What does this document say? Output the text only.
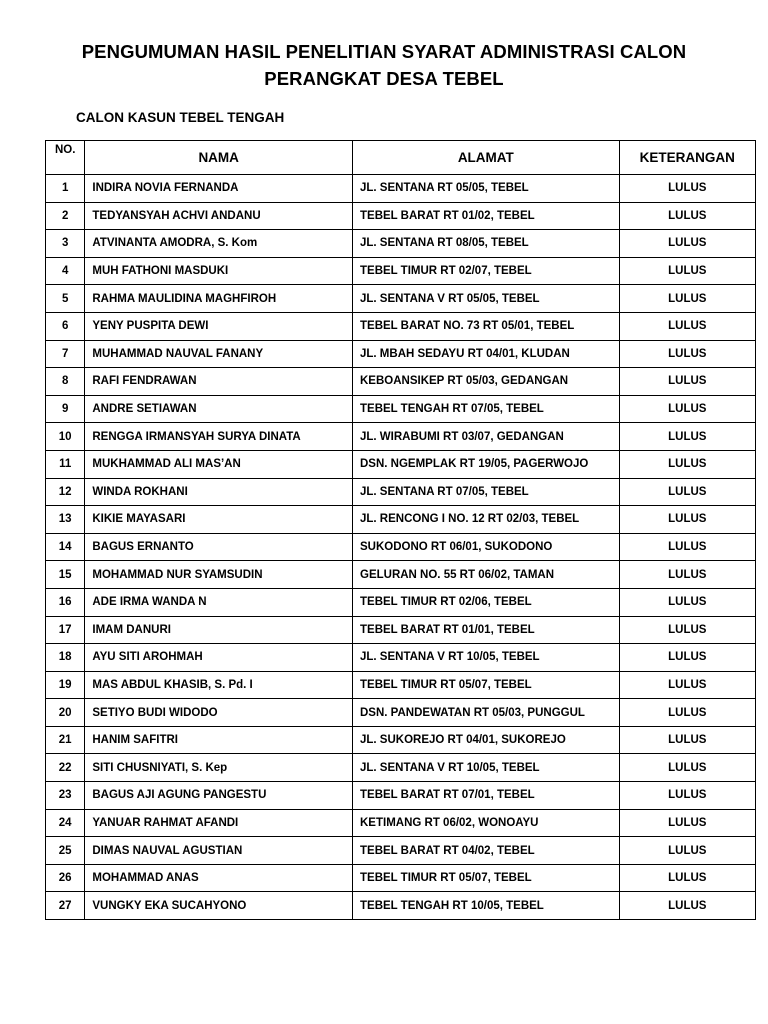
PENGUMUMAN HASIL PENELITIAN SYARAT ADMINISTRASI CALON
PERANGKAT DESA TEBEL
CALON KASUN TEBEL TENGAH
NO.	NAMA	ALAMAT	KETERANGAN
1	INDIRA NOVIA FERNANDA	JL. SENTANA RT 05/05, TEBEL	LULUS
2	TEDYANSYAH ACHVI ANDANU	TEBEL BARAT RT 01/02, TEBEL	LULUS
3	ATVINANTA AMODRA, S. Kom	JL. SENTANA RT 08/05, TEBEL	LULUS
4	MUH FATHONI MASDUKI	TEBEL TIMUR RT 02/07, TEBEL	LULUS
5	RAHMA MAULIDINA MAGHFIROH	JL. SENTANA V RT 05/05, TEBEL	LULUS
6	YENY PUSPITA DEWI	TEBEL BARAT NO. 73 RT 05/01, TEBEL	LULUS
7	MUHAMMAD NAUVAL FANANY	JL. MBAH SEDAYU RT 04/01, KLUDAN	LULUS
8	RAFI FENDRAWAN	KEBOANSIKEP RT 05/03, GEDANGAN	LULUS
9	ANDRE SETIAWAN	TEBEL TENGAH RT 07/05, TEBEL	LULUS
10	RENGGA IRMANSYAH SURYA DINATA	JL. WIRABUMI RT 03/07, GEDANGAN	LULUS
11	MUKHAMMAD ALI MAS’AN	DSN. NGEMPLAK RT 19/05, PAGERWOJO	LULUS
12	WINDA ROKHANI	JL. SENTANA RT 07/05, TEBEL	LULUS
13	KIKIE MAYASARI	JL. RENCONG I NO. 12 RT 02/03, TEBEL	LULUS
14	BAGUS ERNANTO	SUKODONO RT 06/01, SUKODONO	LULUS
15	MOHAMMAD NUR SYAMSUDIN	GELURAN NO. 55 RT 06/02, TAMAN	LULUS
16	ADE IRMA WANDA N	TEBEL TIMUR RT 02/06, TEBEL	LULUS
17	IMAM DANURI	TEBEL BARAT RT 01/01, TEBEL	LULUS
18	AYU SITI AROHMAH	JL. SENTANA V RT 10/05, TEBEL	LULUS
19	MAS ABDUL KHASIB, S. Pd. I	TEBEL TIMUR RT 05/07, TEBEL	LULUS
20	SETIYO BUDI WIDODO	DSN. PANDEWATAN RT 05/03, PUNGGUL	LULUS
21	HANIM SAFITRI	JL. SUKOREJO RT 04/01, SUKOREJO	LULUS
22	SITI CHUSNIYATI, S. Kep	JL. SENTANA V RT 10/05, TEBEL	LULUS
23	BAGUS AJI AGUNG PANGESTU	TEBEL BARAT RT 07/01, TEBEL	LULUS
24	YANUAR RAHMAT AFANDI	KETIMANG RT 06/02, WONOAYU	LULUS
25	DIMAS NAUVAL AGUSTIAN	TEBEL BARAT RT 04/02, TEBEL	LULUS
26	MOHAMMAD ANAS	TEBEL TIMUR RT 05/07, TEBEL	LULUS
27	VUNGKY EKA SUCAHYONO	TEBEL TENGAH RT 10/05, TEBEL	LULUS
